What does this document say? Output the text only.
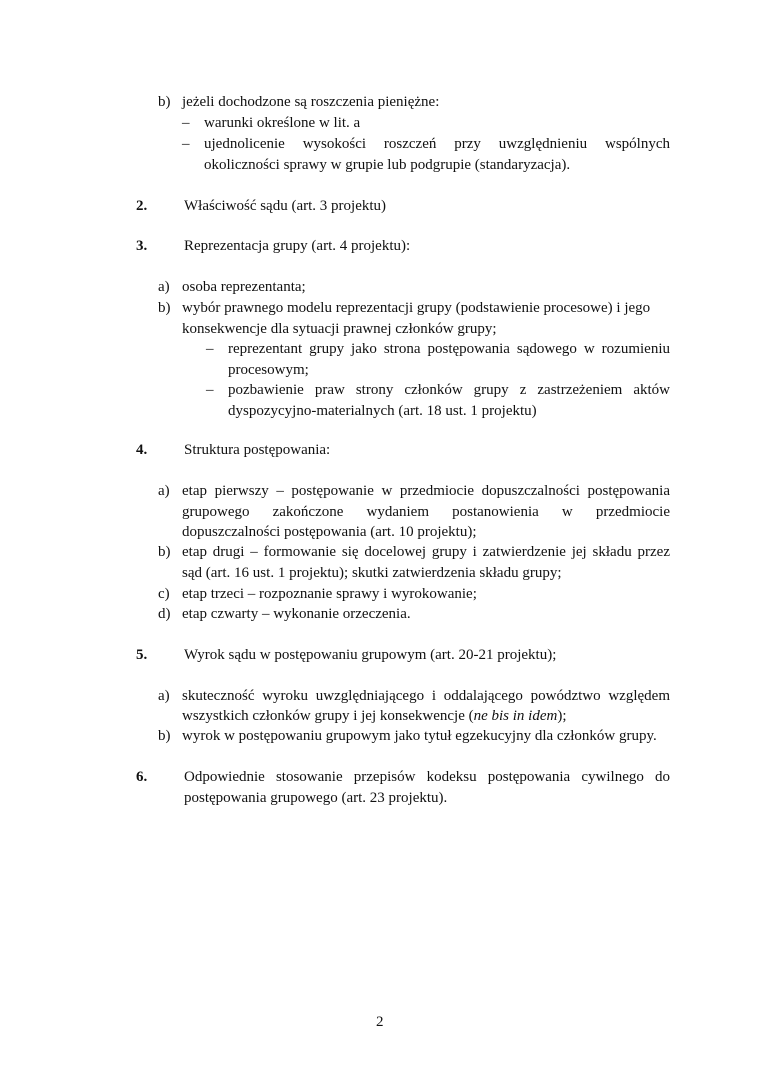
b) jeżeli dochodzone są roszczenia pieniężne:
– warunki określone w lit. a
– ujednolicenie wysokości roszczeń przy uwzględnieniu wspólnych
okoliczności sprawy w grupie lub podgrupie (standaryzacja).
2. Właściwość sądu (art. 3 projektu)
3. Reprezentacja grupy (art. 4 projektu):
a) osoba reprezentanta;
b) wybór prawnego modelu reprezentacji grupy (podstawienie procesowe) i jego
konsekwencje dla sytuacji prawnej członków grupy;
– reprezentant grupy jako strona postępowania sądowego w rozumieniu
procesowym;
– pozbawienie praw strony członków grupy z zastrzeżeniem aktów
dyspozycyjno-materialnych (art. 18 ust. 1 projektu)
4. Struktura postępowania:
a) etap pierwszy – postępowanie w przedmiocie dopuszczalności postępowania
grupowego zakończone wydaniem postanowienia w przedmiocie
dopuszczalności postępowania (art. 10 projektu);
b) etap drugi – formowanie się docelowej grupy i zatwierdzenie jej składu przez
sąd (art. 16 ust. 1 projektu); skutki zatwierdzenia składu grupy;
c) etap trzeci – rozpoznanie sprawy i wyrokowanie;
d) etap czwarty – wykonanie orzeczenia.
5. Wyrok sądu w postępowaniu grupowym (art. 20-21 projektu);
a) skuteczność wyroku uwzględniającego i oddalającego powództwo względem
wszystkich członków grupy i jej konsekwencje (ne bis in idem);
b) wyrok w postępowaniu grupowym jako tytuł egzekucyjny dla członków grupy.
6. Odpowiednie stosowanie przepisów kodeksu postępowania cywilnego do
postępowania grupowego (art. 23 projektu).
2
